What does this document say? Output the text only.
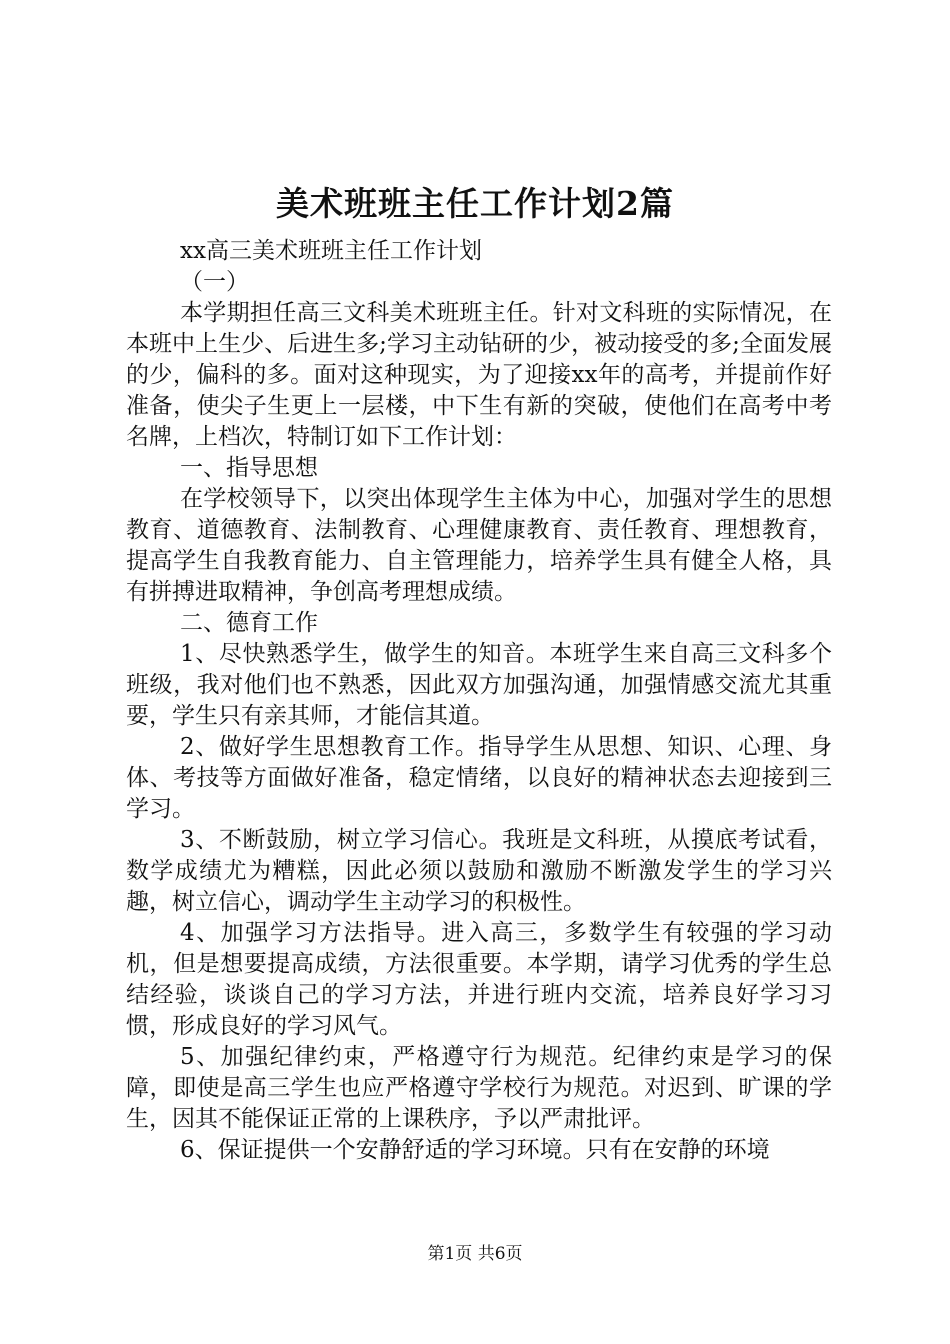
美术班班主任工作计划2篇
xx高三美术班班主任工作计划
（一）

本学期担任高三文科美术班班主任。针对文科班的实际情况，在本班中上生少、后进生多;学习主动钻研的少，被动接受的多;全面发展的少，偏科的多。面对这种现实，为了迎接xx年的高考，并提前作好准备，使尖子生更上一层楼，中下生有新的突破，使他们在高考中考名牌，上档次，特制订如下工作计划：

一、指导思想

在学校领导下，以突出体现学生主体为中心，加强对学生的思想教育、道德教育、法制教育、心理健康教育、责任教育、理想教育，提高学生自我教育能力、自主管理能力，培养学生具有健全人格，具有拼搏进取精神，争创高考理想成绩。

二、德育工作

1、尽快熟悉学生，做学生的知音。本班学生来自高三文科多个班级，我对他们也不熟悉，因此双方加强沟通，加强情感交流尤其重要，学生只有亲其师，才能信其道。

2、做好学生思想教育工作。指导学生从思想、知识、心理、身体、考技等方面做好准备，稳定情绪，以良好的精神状态去迎接到三学习。

3、不断鼓励，树立学习信心。我班是文科班，从摸底考试看，数学成绩尤为糟糕，因此必须以鼓励和激励不断激发学生的学习兴趣，树立信心，调动学生主动学习的积极性。

4、加强学习方法指导。进入高三，多数学生有较强的学习动机，但是想要提高成绩，方法很重要。本学期，请学习优秀的学生总结经验，谈谈自己的学习方法，并进行班内交流，培养良好学习习惯，形成良好的学习风气。

5、加强纪律约束，严格遵守行为规范。纪律约束是学习的保障，即使是高三学生也应严格遵守学校行为规范。对迟到、旷课的学生，因其不能保证正常的上课秩序，予以严肃批评。

6、保证提供一个安静舒适的学习环境。只有在安静的环境

第1页 共6页
